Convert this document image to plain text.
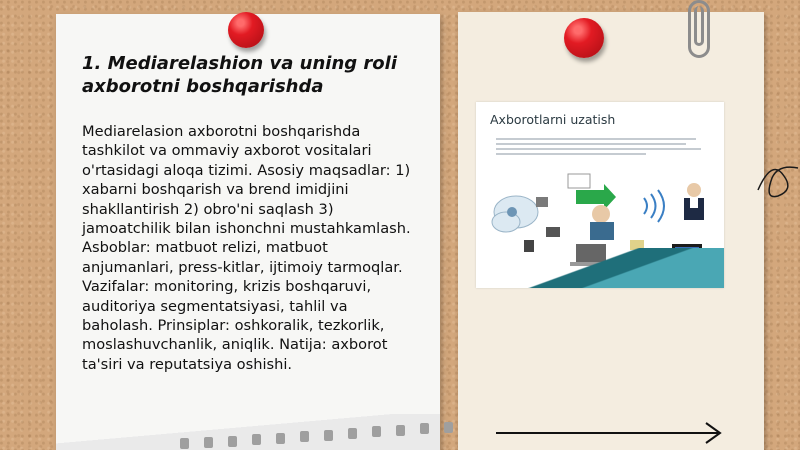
1. Mediarelashion va uning roli axborotni boshqarishda

Mediarelasion axborotni boshqarishda tashkilot va ommaviy axborot vositalari o'rtasidagi aloqa tizimi. Asosiy maqsadlar: 1) xabarni boshqarish va brend imidjini shakllantirish 2) obro'ni saqlash 3) jamoatchilik bilan ishonchni mustahkamlash. Asboblar: matbuot relizi, matbuot anjumanlari, press-kitlar, ijtimoiy tarmoqlar. Vazifalar: monitoring, krizis boshqaruvi, auditoriya segmentatsiyasi, tahlil va baholash. Prinsiplar: oshkoralik, tezkorlik, moslashuvchanlik, aniqlik. Natija: axborot ta'siri va reputatsiya oshishi.

Axborotlarni uzatish
